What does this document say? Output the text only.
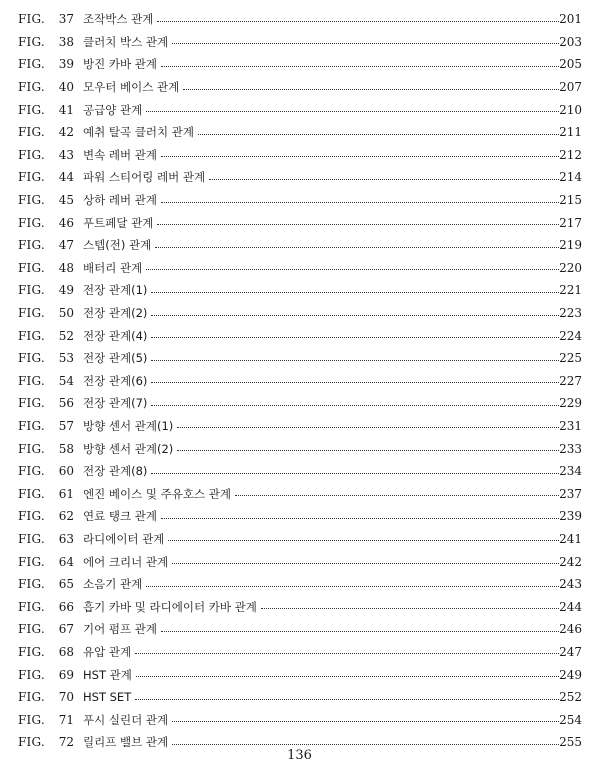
FIG.	37 조작박스 관계	201
FIG.	38 클러치 박스 관계	203
FIG.	39 방진 카바 관계	205
FIG.	40 모우터 베이스 관계	207
FIG.	41 공급양 관계	210
FIG.	42 예취 탈곡 클러치 관계	211
FIG.	43 변속 레버 관계	212
FIG.	44 파워 스티어링 레버 관계	214
FIG.	45 상하 레버 관계	215
FIG.	46 푸트페달 관계	217
FIG.	47 스텝(전) 관계	219
FIG.	48 배터리 관계	220
FIG.	49 전장 관계(1)	221
FIG.	50 전장 관계(2)	223
FIG.	52 전장 관계(4)	224
FIG.	53 전장 관계(5)	225
FIG.	54 전장 관계(6)	227
FIG.	56 전장 관계(7)	229
FIG.	57 방향 센서 관계(1)	231
FIG.	58 방향 센서 관계(2)	233
FIG.	60 전장 관계(8)	234
FIG.	61 엔진 베이스 및 주유호스 관계	237
FIG.	62 연료 탱크 관계	239
FIG.	63 라디에이터 관계	241
FIG.	64 에어 크리너 관계	242
FIG.	65 소음기 관계	243
FIG.	66 흡기 카바 및 라디에이터 카바 관계	244
FIG.	67 기어 펌프 관계	246
FIG.	68 유압 관계	247
FIG.	69 HST 관계	249
FIG.	70 HST SET	252
FIG.	71 푸시 실린더 관계	254
FIG.	72 릴리프 밸브 관계	255
136
